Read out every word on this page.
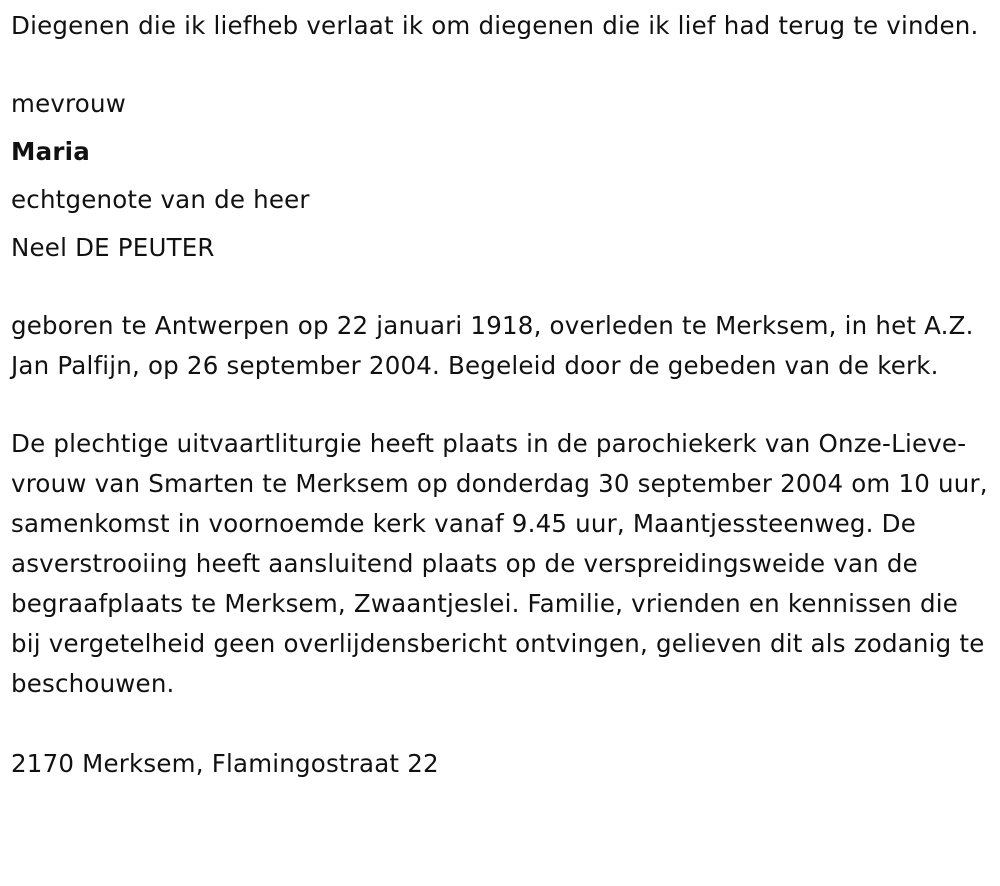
Diegenen die ik liefheb verlaat ik om diegenen die ik lief had terug te vinden.

mevrouw

Maria

echtgenote van de heer

Neel DE PEUTER

geboren te Antwerpen op 22 januari 1918, overleden te Merksem, in het A.Z. Jan Palfijn, op 26 september 2004. Begeleid door de gebeden van de kerk.

De plechtige uitvaartliturgie heeft plaats in de parochiekerk van Onze-Lieve-vrouw van Smarten te Merksem op donderdag 30 september 2004 om 10 uur, samenkomst in voornoemde kerk vanaf 9.45 uur, Maantjessteenweg. De asverstrooiing heeft aansluitend plaats op de verspreidingsweide van de begraafplaats te Merksem, Zwaantjeslei. Familie, vrienden en kennissen die bij vergetelheid geen overlijdensbericht ontvingen, gelieven dit als zodanig te beschouwen.

2170 Merksem, Flamingostraat 22
